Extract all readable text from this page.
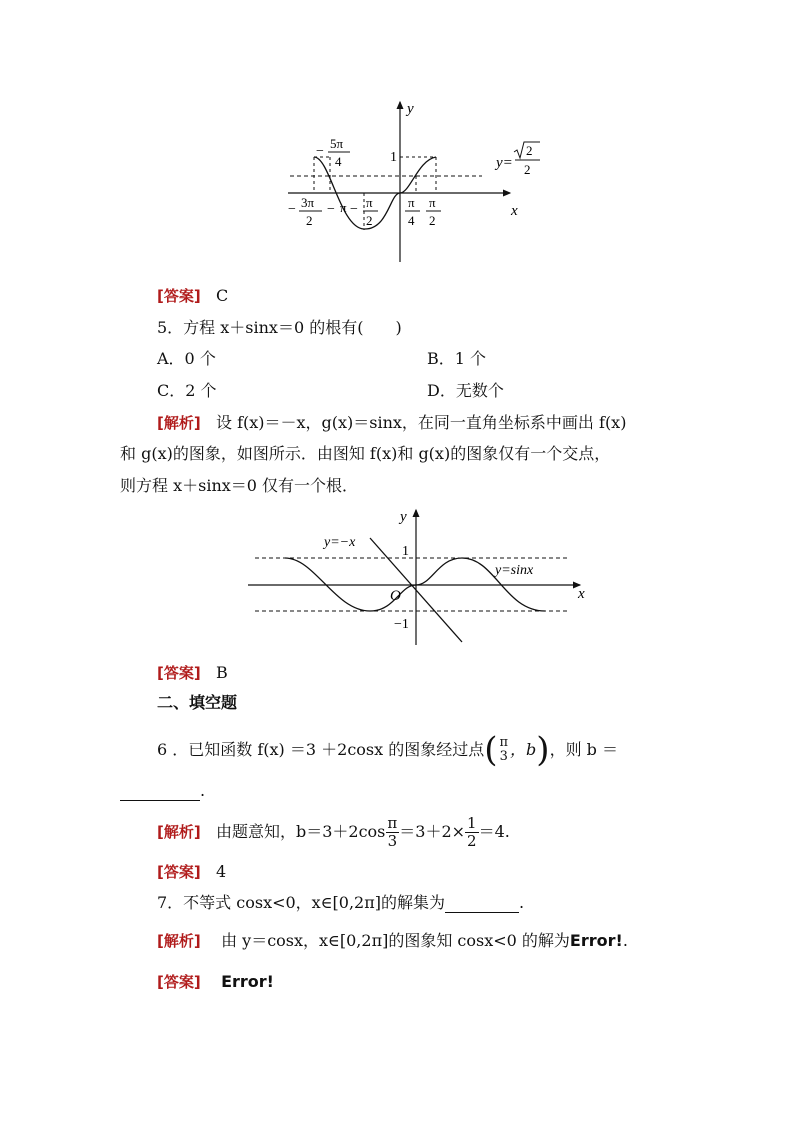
y
x
1
−
5π
4
− 3π
2
− π − π
2
π
4
π
2
y=
2
2
[答案] C
5．方程 x＋sinx＝0 的根有(　　)
A．0 个	B．1 个
C．2 个	D．无数个
[解析] 设 f(x)＝－x，g(x)＝sinx，在同一直角坐标系中画出 f(x)
和 g(x)的图象，如图所示．由图知 f(x)和 g(x)的图象仅有一个交点，
则方程 x＋sinx＝0 仅有一个根．
y
x
O
1
−1
y=−x
y=sinx
[答案] B
二、填空题
6 ．已知函数 f(x) ＝3 ＋2cosx 的图象经过点 ( π
3 ，b ) ，则 b ＝
.
[解析]
由题意知，$b=3+2\cos \frac{\pi}{3} =3+2\times \frac{1}{2} =4$.
[答案] 4
7．不等式 cosx<0，x∈[0,2π]的解集为	.
[解析] 由 y＝cosx，x∈[0,2π]的图象知 cosx<0 的解为Error!.
[答案] Error!
